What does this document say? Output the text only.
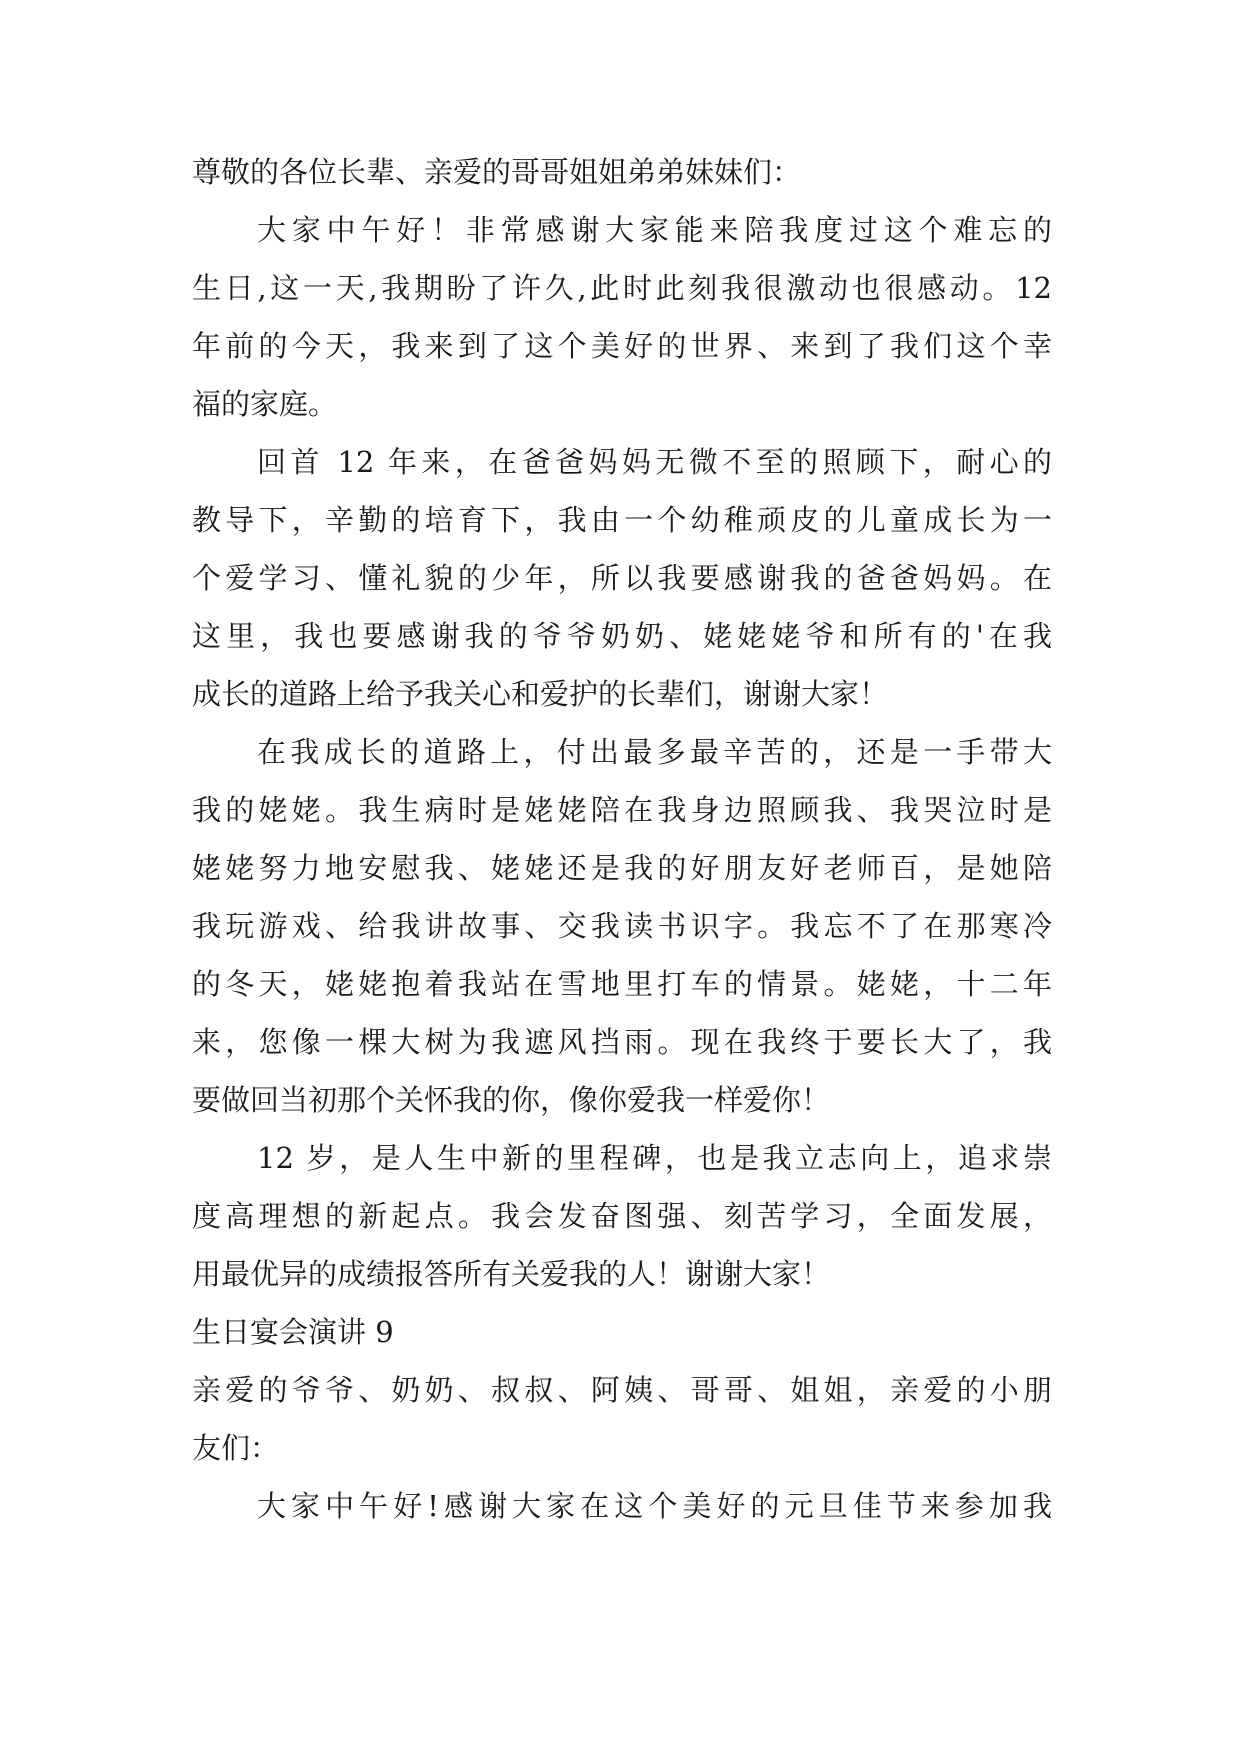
尊敬的各位长辈、亲爱的哥哥姐姐弟弟妹妹们：
大家中午好！非常感谢大家能来陪我度过这个难忘的
生日,这一天,我期盼了许久,此时此刻我很激动也很感动。12
年前的今天，我来到了这个美好的世界、来到了我们这个幸
福的家庭。
回首 12 年来，在爸爸妈妈无微不至的照顾下，耐心的
教导下，辛勤的培育下，我由一个幼稚顽皮的儿童成长为一
个爱学习、懂礼貌的少年，所以我要感谢我的爸爸妈妈。在
这里，我也要感谢我的爷爷奶奶、姥姥姥爷和所有的'在我
成长的道路上给予我关心和爱护的长辈们，谢谢大家！
在我成长的道路上，付出最多最辛苦的，还是一手带大
我的姥姥。我生病时是姥姥陪在我身边照顾我、我哭泣时是
姥姥努力地安慰我、姥姥还是我的好朋友好老师百，是她陪
我玩游戏、给我讲故事、交我读书识字。我忘不了在那寒冷
的冬天，姥姥抱着我站在雪地里打车的情景。姥姥，十二年
来，您像一棵大树为我遮风挡雨。现在我终于要长大了，我
要做回当初那个关怀我的你，像你爱我一样爱你！
12 岁，是人生中新的里程碑，也是我立志向上，追求崇
度高理想的新起点。我会发奋图强、刻苦学习，全面发展，
用最优异的成绩报答所有关爱我的人！谢谢大家！
生日宴会演讲 9
亲爱的爷爷、奶奶、叔叔、阿姨、哥哥、姐姐，亲爱的小朋
友们：
大家中午好!感谢大家在这个美好的元旦佳节来参加我
